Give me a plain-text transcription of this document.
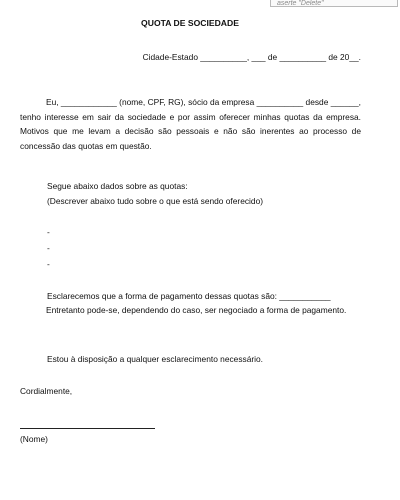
aserte "Delete"
QUOTA DE SOCIEDADE
Cidade-Estado __________, ___ de __________ de 20__.

Eu, ____________ (nome, CPF, RG), sócio da empresa __________ desde ______, tenho interesse em sair da sociedade e por assim oferecer minhas quotas da empresa. Motivos que me levam a decisão são pessoais e não são inerentes ao processo de concessão das quotas em questão.

Segue abaixo dados sobre as quotas:
(Descrever abaixo tudo sobre o que está sendo oferecido)
-
-
-
Esclarecemos que a forma de pagamento dessas quotas são: ___________

Entretanto pode-se, dependendo do caso, ser negociado a forma de pagamento.

Estou à disposição a qualquer esclarecimento necessário.
Cordialmente,
(Nome)
